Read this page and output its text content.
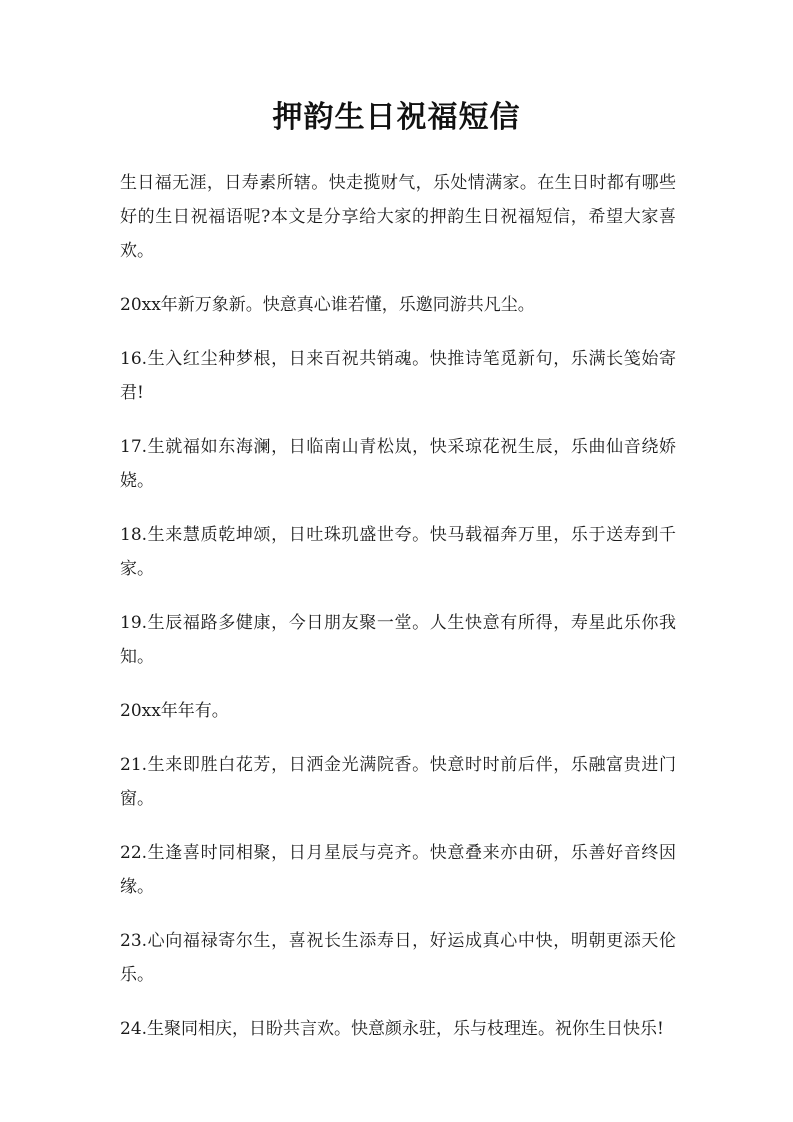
押韵生日祝福短信

生日福无涯，日寿素所辖。快走揽财气，乐处情满家。在生日时都有哪些好的生日祝福语呢?本文是分享给大家的押韵生日祝福短信，希望大家喜欢。

20xx年新万象新。快意真心谁若懂，乐邀同游共凡尘。

16.生入红尘种梦根，日来百祝共销魂。快推诗笔觅新句，乐满长笺始寄君!

17.生就福如东海澜，日临南山青松岚，快采琼花祝生辰，乐曲仙音绕娇娆。

18.生来慧质乾坤颂，日吐珠玑盛世夸。快马载福奔万里，乐于送寿到千家。

19.生辰福路多健康，今日朋友聚一堂。人生快意有所得，寿星此乐你我知。

20xx年年有。

21.生来即胜白花芳，日洒金光满院香。快意时时前后伴，乐融富贵进门窗。

22.生逢喜时同相聚，日月星辰与亮齐。快意叠来亦由研，乐善好音终因缘。

23.心向福禄寄尔生，喜祝长生添寿日，好运成真心中快，明朝更添天伦乐。

24.生聚同相庆，日盼共言欢。快意颜永驻，乐与枝理连。祝你生日快乐!
